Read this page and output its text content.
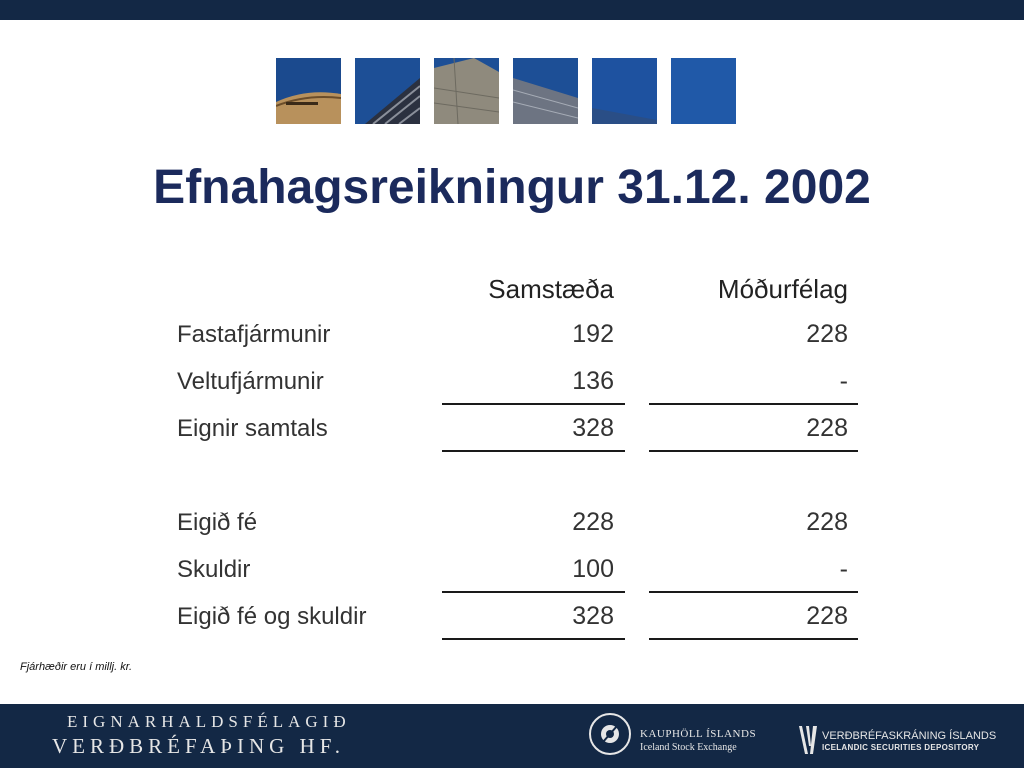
Efnahagsreikningur 31.12. 2002
Samstæða	Móðurfélag
Fastafjármunir	192	228
Veltufjármunir	136	-
Eignir samtals	328	228
Eigið fé	228	228
Skuldir	100	-
Eigið fé og skuldir	328	228
Fjárhæðir eru í millj. kr.
EIGNARHALDSFÉLAGIÐ
VERÐBRÉFAÞING HF.	KAUPHÖLL ÍSLANDS
Iceland Stock Exchange
VERÐBRÉFASKRÁNING ÍSLANDS
ICELANDIC SECURITIES DEPOSITORY
